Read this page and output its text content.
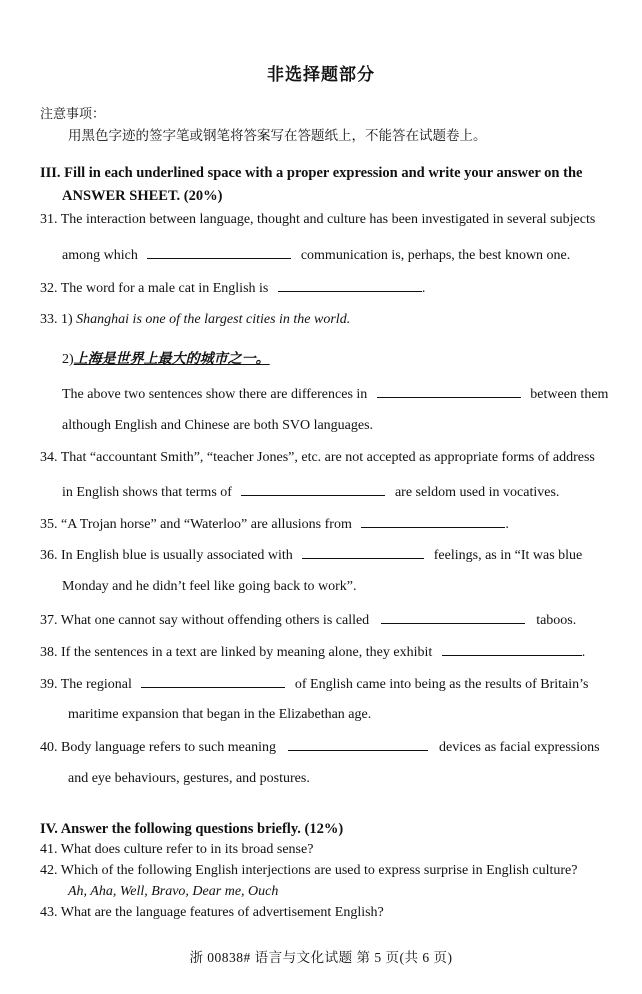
非选择题部分
注意事项：
用黑色字迹的签字笔或钢笔将答案写在答题纸上，不能答在试题卷上。
III. Fill in each underlined space with a proper expression and write your answer on the
ANSWER SHEET. (20%)
31. The interaction between language, thought and culture has been investigated in several subjects
among which	communication is, perhaps, the best known one.
32. The word for a male cat in English is	.
33. 1) Shanghai is one of the largest cities in the world.
2)上海是世界上最大的城市之一。
The above two sentences show there are differences in	between them
although English and Chinese are both SVO languages.
34. That “accountant Smith”, “teacher Jones”, etc. are not accepted as appropriate forms of address
in English shows that terms of	are seldom used in vocatives.
35. “A Trojan horse” and “Waterloo” are allusions from	.
36. In English blue is usually associated with	feelings, as in “It was blue
Monday and he didn’t feel like going back to work”.
37. What one cannot say without offending others is called	taboos.
38. If the sentences in a text are linked by meaning alone, they exhibit	.
39. The regional	of English came into being as the results of Britain’s
maritime expansion that began in the Elizabethan age.
40. Body language refers to such meaning	devices as facial expressions
and eye behaviours, gestures, and postures.
IV. Answer the following questions briefly. (12%)
41. What does culture refer to in its broad sense?
42. Which of the following English interjections are used to express surprise in English culture?
Ah, Aha, Well, Bravo, Dear me, Ouch
43. What are the language features of advertisement English?
浙 00838# 语言与文化试题 第 5 页(共 6 页)
